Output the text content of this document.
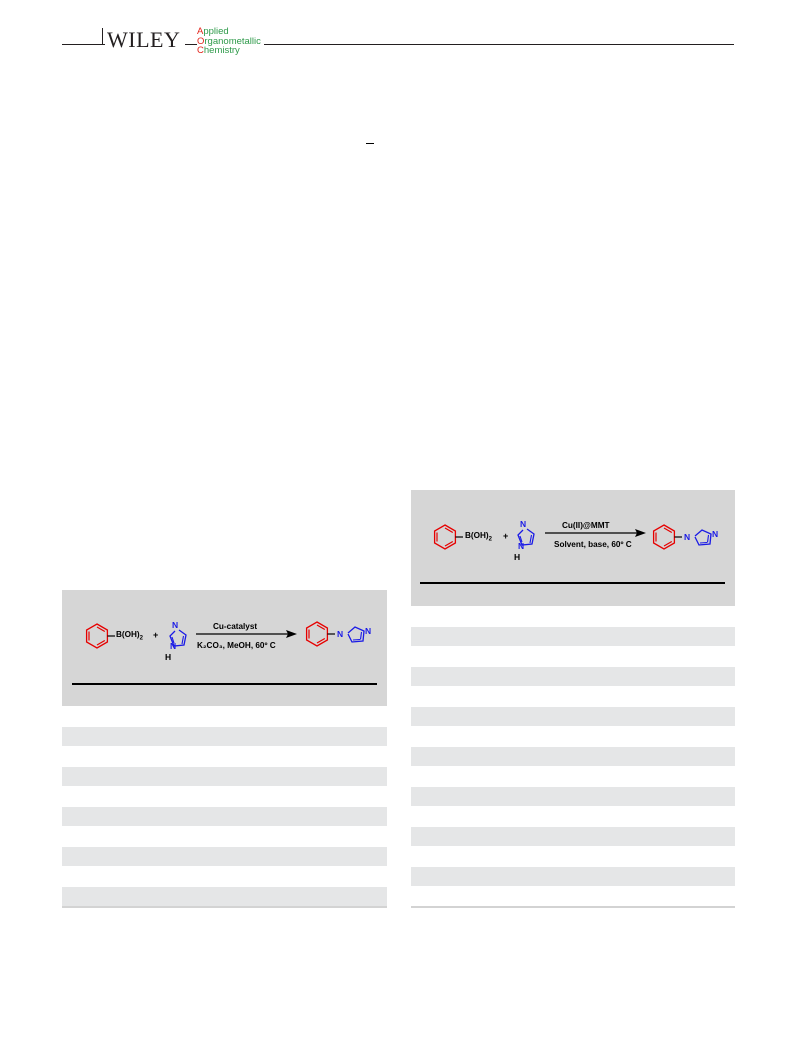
WILEY	Applied
Organometallic
Chemistry
$B(OH)_2$ +
N
N
H
Cu-catalyst
K₂CO₃, MeOH, 60º C
N	N
$B(OH)_2$ +
N
N
H
Cu(II)@MMT
Solvent, base, 60º C
N	N
